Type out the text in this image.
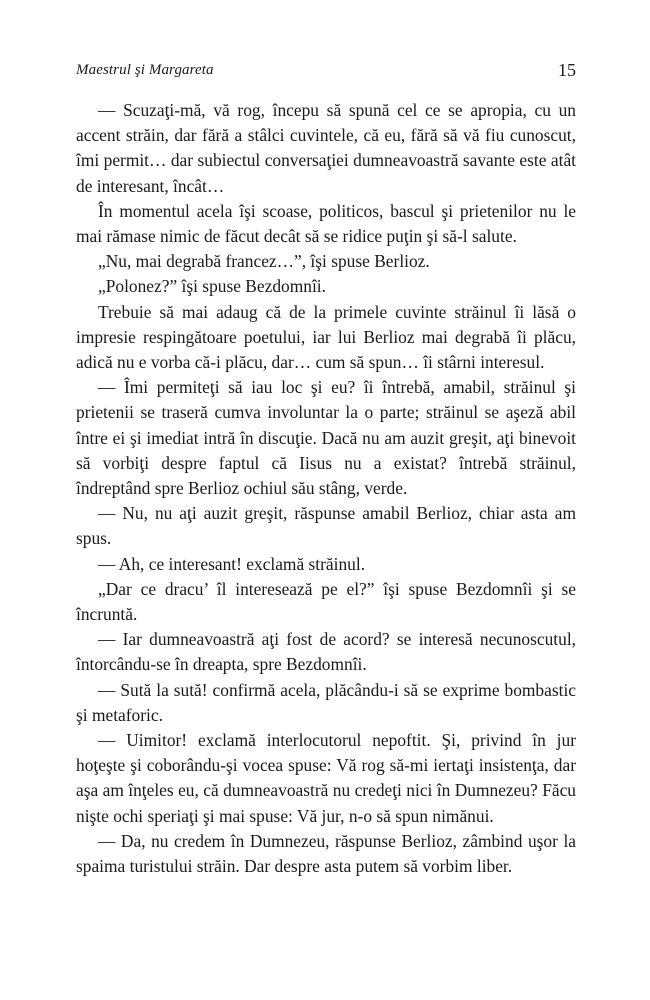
Maestrul şi Margareta	15

— Scuzaţi-mă, vă rog, începu să spună cel ce se apropia, cu un accent străin, dar fără a stâlci cuvintele, că eu, fără să vă fiu cunoscut, îmi permit… dar subiectul conversaţiei dumneavoastră savante este atât de interesant, încât…

În momentul acela îşi scoase, politicos, bascul şi prietenilor nu le mai rămase nimic de făcut decât să se ridice puţin şi să-l salute.

„Nu, mai degrabă francez…”, îşi spuse Berlioz.

„Polonez?” îşi spuse Bezdomnîi.

Trebuie să mai adaug că de la primele cuvinte străinul îi lăsă o impresie respingătoare poetului, iar lui Berlioz mai degrabă îi plăcu, adică nu e vorba că-i plăcu, dar… cum să spun… îi stârni interesul.

— Îmi permiteţi să iau loc şi eu? îi întrebă, amabil, străinul şi prietenii se traseră cumva involuntar la o parte; străinul se aşeză abil între ei şi imediat intră în discuţie. Dacă nu am auzit greşit, aţi binevoit să vorbiţi despre faptul că Iisus nu a existat? întrebă străinul, îndreptând spre Berlioz ochiul său stâng, verde.

— Nu, nu aţi auzit greşit, răspunse amabil Berlioz, chiar asta am spus.

— Ah, ce interesant! exclamă străinul.

„Dar ce dracu’ îl interesează pe el?” îşi spuse Bezdomnîi şi se încruntă.

— Iar dumneavoastră aţi fost de acord? se interesă necunoscutul, întorcându-se în dreapta, spre Bezdomnîi.

— Sută la sută! confirmă acela, plăcându-i să se exprime bombastic şi metaforic.

— Uimitor! exclamă interlocutorul nepoftit. Şi, privind în jur hoţeşte şi coborându-şi vocea spuse: Vă rog să-mi iertaţi insistenţa, dar aşa am înţeles eu, că dumneavoastră nu credeţi nici în Dumnezeu? Făcu nişte ochi speriaţi şi mai spuse: Vă jur, n-o să spun nimănui.

— Da, nu credem în Dumnezeu, răspunse Berlioz, zâmbind uşor la spaima turistului străin. Dar despre asta putem să vorbim liber.
